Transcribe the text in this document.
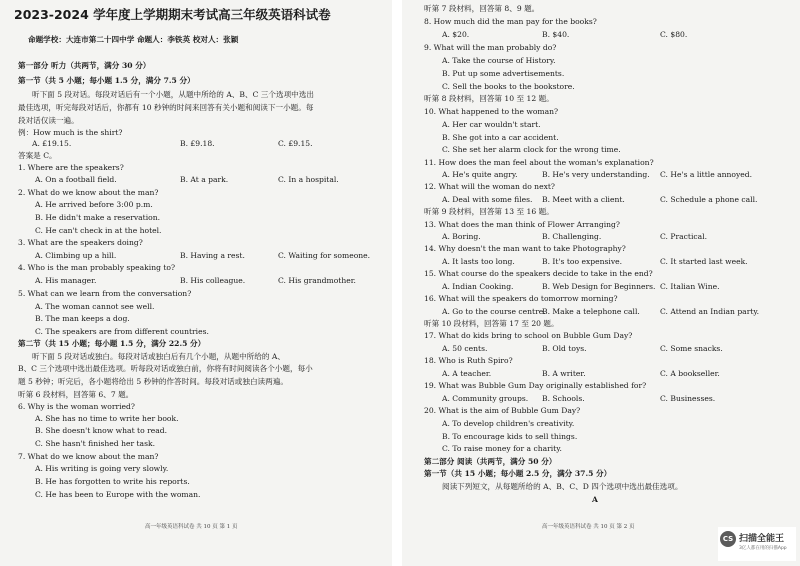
2023-2024 学年度上学期期末考试高三年级英语科试卷
命题学校：大连市第二十四中学 命题人：李铁英 校对人：张颖
第一部分 听力（共两节，满分 30 分）
第一节（共 5 小题；每小题 1.5 分，满分 7.5 分）
听下面 5 段对话。每段对话后有一个小题，从题中所给的 A、B、C 三个选项中选出
最佳选项，听完每段对话后，你都有 10 秒钟的时间来回答有关小题和阅读下一小题。每
段对话仅读一遍。
例：How much is the shirt?
A. £19.15.	B. £9.18.	C. £9.15.
答案是 C。
1. Where are the speakers?
A. On a football field.	B. At a park.	C. In a hospital.
2. What do we know about the man?
A. He arrived before 3:00 p.m.
B. He didn't make a reservation.
C. He can't check in at the hotel.
3. What are the speakers doing?
A. Climbing up a hill.	B. Having a rest.	C. Waiting for someone.
4. Who is the man probably speaking to?
A. His manager.	B. His colleague.	C. His grandmother.
5. What can we learn from the conversation?
A. The woman cannot see well.
B. The man keeps a dog.
C. The speakers are from different countries.
第二节（共 15 小题；每小题 1.5 分，满分 22.5 分）
听下面 5 段对话或独白。每段对话或独白后有几个小题，从题中所给的 A、
B、C 三个选项中选出最佳选项。听每段对话或独白前，你将有时间阅读各个小题，每小
题 5 秒钟；听完后，各小题将给出 5 秒钟的作答时间。每段对话或独白读两遍。
听第 6 段材料，回答第 6、7 题。
6. Why is the woman worried?
A. She has no time to write her book.
B. She doesn't know what to read.
C. She hasn't finished her task.
7. What do we know about the man?
A. His writing is going very slowly.
B. He has forgotten to write his reports.
C. He has been to Europe with the woman.
高一年级英语科试卷 共 10 页 第 1 页
听第 7 段材料，回答第 8、9 题。
8. How much did the man pay for the books?
A. $20.	B. $40.	C. $80.
9. What will the man probably do?
A. Take the course of History.
B. Put up some advertisements.
C. Sell the books to the bookstore.
听第 8 段材料，回答第 10 至 12 题。
10. What happened to the woman?
A. Her car wouldn't start.
B. She got into a car accident.
C. She set her alarm clock for the wrong time.
11. How does the man feel about the woman's explanation?
A. He's quite angry.	B. He's very understanding. C. He's a little annoyed.
12. What will the woman do next?
A. Deal with some files. B. Meet with a client.	C. Schedule a phone call.
听第 9 段材料，回答第 13 至 16 题。
13. What does the man think of Flower Arranging?
A. Boring.	B. Challenging.	C. Practical.
14. Why doesn't the man want to take Photography?
A. It lasts too long.	B. It's too expensive.	C. It started last week.
15. What course do the speakers decide to take in the end?
A. Indian Cooking.	B. Web Design for Beginners. C. Italian Wine.
16. What will the speakers do tomorrow morning?
A. Go to the course centre.
B. Make a telephone call.	C. Attend an Indian party.
听第 10 段材料，回答第 17 至 20 题。
17. What do kids bring to school on Bubble Gum Day?
A. 50 cents.	B. Old toys.	C. Some snacks.
18. Who is Ruth Spiro?
A. A teacher.	B. A writer.	C. A bookseller.
19. What was Bubble Gum Day originally established for?
A. Community groups. B. Schools.	C. Businesses.
20. What is the aim of Bubble Gum Day?
A. To develop children's creativity.
B. To encourage kids to sell things.
C. To raise money for a charity.
第二部分 阅读（共两节，满分 50 分）
第一节（共 15 小题；每小题 2.5 分，满分 37.5 分）
阅读下列短文，从每题所给的 A、B、C、D 四个选项中选出最佳选项。
A
高一年级英语科试卷 共 10 页 第 2 页
CS 扫描全能王
3亿人都在用的扫描App
